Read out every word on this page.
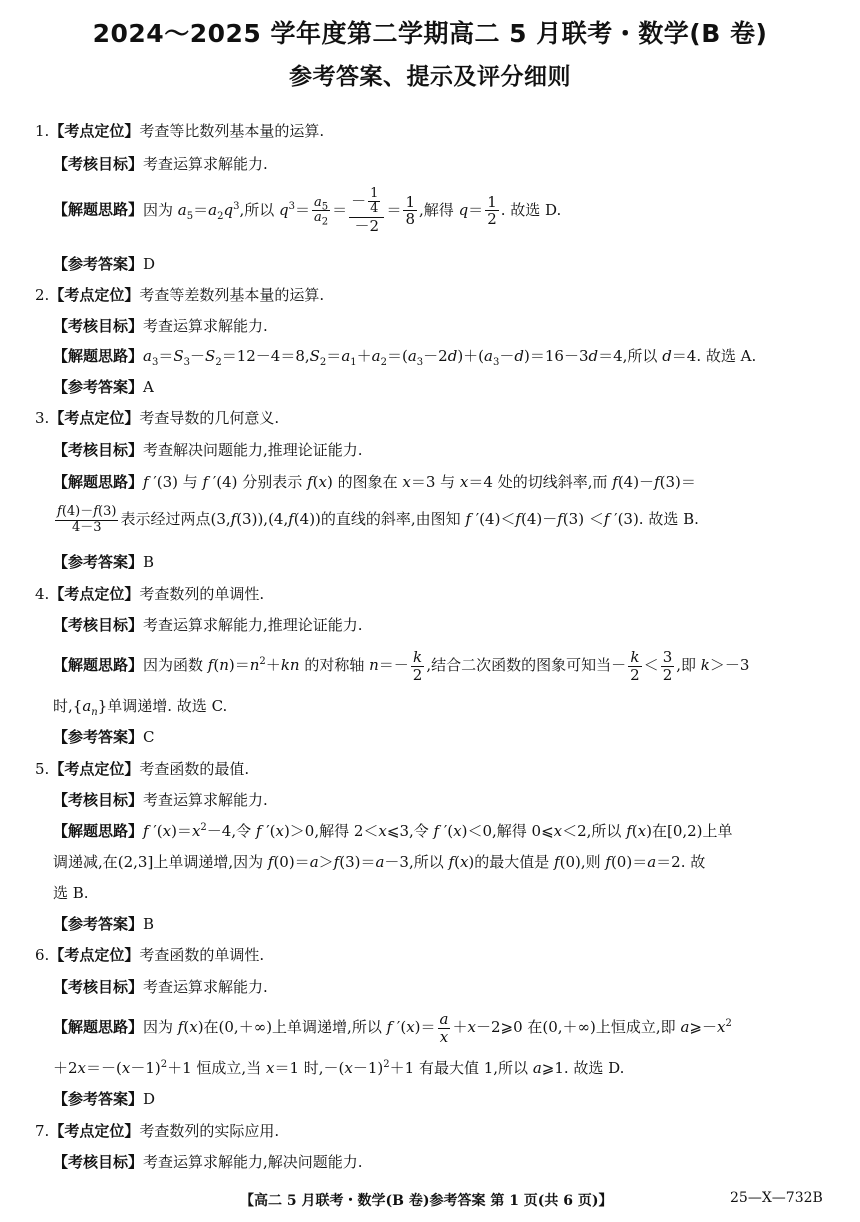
2024～2025 学年度第二学期高二 5 月联考・数学(B 卷)
参考答案、提示及评分细则
1.【考点定位】考查等比数列基本量的运算.
【考核目标】考查运算求解能力.
【解题思路】因为 $a_5=a_2q^3$,所以 $q^3= \frac{a_5}{a_2} = \frac{- \frac{1}{4}}{-2} = \frac{1}{8}$ ,解得 $q= \frac{1}{2}$ . 故选 D.
【参考答案】D
2.【考点定位】考查等差数列基本量的运算.
【考核目标】考查运算求解能力.
【解题思路】$a_3=S_3-S_2=12-4=8,S_2=a_1+a_2=(a_3-2d)+(a_3-d)=16-3d=4$,所以 d＝4. 故选 A.
【参考答案】A
3.【考点定位】考查导数的几何意义.
【考核目标】考查解决问题能力,推理论证能力.
【解题思路】f ′(3) 与 f ′(4) 分别表示 f(x) 的图象在 x＝3 与 x＝4 处的切线斜率,而 f(4)－f(3)＝
$\frac{f(4)-f(3)}{4-3}$ 表示经过两点(3,f(3)),(4,f(4))的直线的斜率,由图知 f ′(4)＜f(4)－f(3) ＜f ′(3). 故选 B.
【参考答案】B
4.【考点定位】考查数列的单调性.
【考核目标】考查运算求解能力,推理论证能力.
【解题思路】因为函数 $f(n)=n^2+kn$ 的对称轴 $n=- \frac{k}{2}$ ,结合二次函数的图象可知当－ $\frac{k}{2} < \frac{3}{2}$ ,即 k＞－3
时$,\{a_n\}$单调递增. 故选 C.
【参考答案】C
5.【考点定位】考查函数的最值.
【考核目标】考查运算求解能力.
【解题思路】f $'(x)=x^2-4$,令 f ′(x)＞0,解得 2＜x⩽3,令 f ′(x)＜0,解得 0⩽x＜2,所以 f(x)在[0,2)上单
调递减,在(2,3]上单调递增,因为 f(0)＝a＞f(3)＝a－3,所以 f(x)的最大值是 f(0),则 f(0)＝a＝2. 故
选 B.
【参考答案】B
6.【考点定位】考查函数的单调性.
【考核目标】考查运算求解能力.
【解题思路】因为 f(x)在(0,＋∞)上单调递增,所以 f $'(x)= \frac{a}{x}$ ＋x－2⩾0 在(0,＋∞)上恒成立,即 $a⩾-x^2$
$+2x=-(x-1)^2+1$ 恒成立,当 x＝1 时$,-(x-1)^2+1$ 有最大值 1,所以 a⩾1. 故选 D.
【参考答案】D
7.【考点定位】考查数列的实际应用.
【考核目标】考查运算求解能力,解决问题能力.
【高二 5 月联考・数学(B 卷)参考答案 第 1 页(共 6 页)】	25—X—732B
